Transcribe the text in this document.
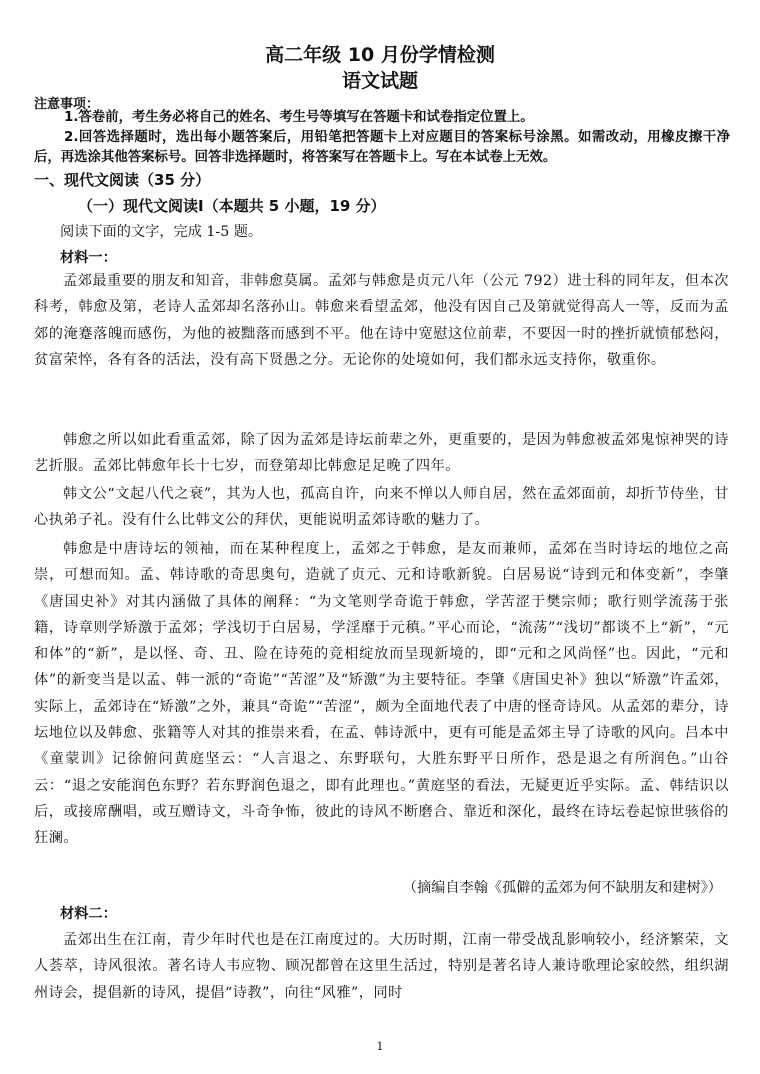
高二年级 10 月份学情检测
语文试题
注意事项：
1.答卷前，考生务必将自己的姓名、考生号等填写在答题卡和试卷指定位置上。
2.回答选择题时，选出每小题答案后，用铅笔把答题卡上对应题目的答案标号涂黑。如需改动，用橡皮擦干净后，再选涂其他答案标号。回答非选择题时，将答案写在答题卡上。写在本试卷上无效。
一、现代文阅读（35 分）
（一）现代文阅读Ⅰ（本题共 5 小题，19 分）
阅读下面的文字，完成 1-5 题。
材料一：

孟郊最重要的朋友和知音，非韩愈莫属。孟郊与韩愈是贞元八年（公元 792）进士科的同年友，但本次科考，韩愈及第，老诗人孟郊却名落孙山。韩愈来看望孟郊，他没有因自己及第就觉得高人一等，反而为孟郊的淹蹇落魄而感伤，为他的被黜落而感到不平。他在诗中宽慰这位前辈，不要因一时的挫折就愤郁愁闷，贫富荣悴，各有各的活法，没有高下贤愚之分。无论你的处境如何，我们都永远支持你，敬重你。

韩愈之所以如此看重孟郊，除了因为孟郊是诗坛前辈之外，更重要的，是因为韩愈被孟郊鬼惊神哭的诗艺折服。孟郊比韩愈年长十七岁，而登第却比韩愈足足晚了四年。

韩文公“文起八代之衰”，其为人也，孤高自许，向来不惮以人师自居，然在孟郊面前，却折节侍坐，甘心执弟子礼。没有什么比韩文公的拜伏，更能说明孟郊诗歌的魅力了。

韩愈是中唐诗坛的领袖，而在某种程度上，孟郊之于韩愈，是友而兼师，孟郊在当时诗坛的地位之高崇，可想而知。孟、韩诗歌的奇思奥句，造就了贞元、元和诗歌新貌。白居易说“诗到元和体变新”，李肇《唐国史补》对其内涵做了具体的阐释：“为文笔则学奇诡于韩愈，学苦涩于樊宗师；歌行则学流荡于张籍，诗章则学矫激于孟郊；学浅切于白居易，学淫靡于元稹。”平心而论，“流荡”“浅切”都谈不上“新”，“元和体”的“新”，是以怪、奇、丑、险在诗苑的竞相绽放而呈现新境的，即“元和之风尚怪”也。因此，“元和体”的新变当是以孟、韩一派的“奇诡”“苦涩”及“矫激”为主要特征。李肇《唐国史补》独以“矫激”许孟郊，实际上，孟郊诗在“矫激”之外，兼具“奇诡”“苦涩”，颇为全面地代表了中唐的怪奇诗风。从孟郊的辈分，诗坛地位以及韩愈、张籍等人对其的推崇来看，在孟、韩诗派中，更有可能是孟郊主导了诗歌的风向。吕本中《童蒙训》记徐俯问黄庭坚云：“人言退之、东野联句，大胜东野平日所作，恐是退之有所润色。”山谷云：“退之安能润色东野？若东野润色退之，即有此理也。”黄庭坚的看法，无疑更近乎实际。孟、韩结识以后，或接席酬唱，或互赠诗文，斗奇争怖，彼此的诗风不断磨合、靠近和深化，最终在诗坛卷起惊世骇俗的狂澜。

（摘编自李翰《孤僻的孟郊为何不缺朋友和建树》）
材料二：

孟郊出生在江南，青少年时代也是在江南度过的。大历时期，江南一带受战乱影响较小，经济繁荣，文人荟萃，诗风很浓。著名诗人韦应物、顾况都曾在这里生活过，特别是著名诗人兼诗歌理论家皎然，组织湖州诗会，提倡新的诗风，提倡“诗教”，向往“风雅”，同时

1
